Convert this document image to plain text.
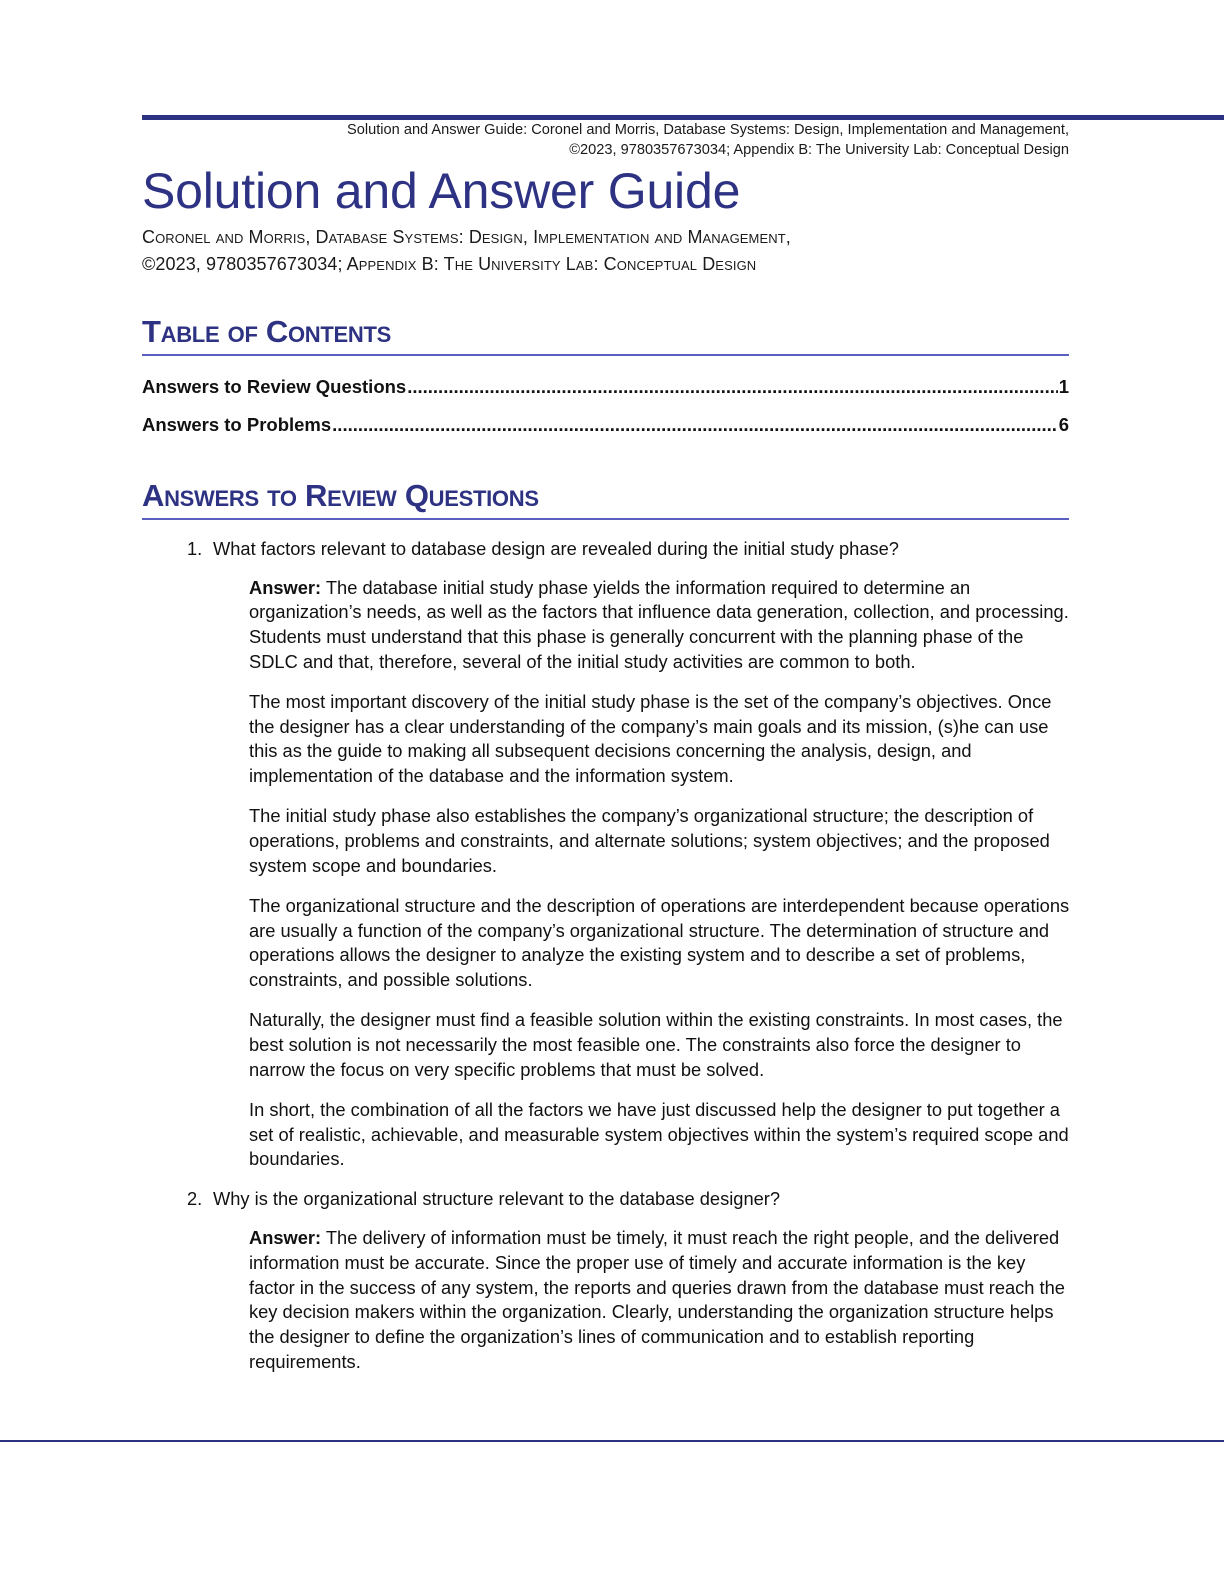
Solution and Answer Guide: Coronel and Morris, Database Systems: Design, Implementation and Management,
©2023, 9780357673034; Appendix B: The University Lab: Conceptual Design
Solution and Answer Guide
Coronel and Morris, Database Systems: Design, Implementation and Management,
©2023, 9780357673034; Appendix B: The University Lab: Conceptual Design
Table of Contents
Answers to Review Questions .....	1
Answers to Problems .....	6
Answers to Review Questions
1. What factors relevant to database design are revealed during the initial study phase?

Answer: The database initial study phase yields the information required to determine an organization’s needs, as well as the factors that influence data generation, collection, and processing. Students must understand that this phase is generally concurrent with the planning phase of the SDLC and that, therefore, several of the initial study activities are common to both.

The most important discovery of the initial study phase is the set of the company’s objectives. Once the designer has a clear understanding of the company’s main goals and its mission, (s)he can use this as the guide to making all subsequent decisions concerning the analysis, design, and implementation of the database and the information system.

The initial study phase also establishes the company’s organizational structure; the description of operations, problems and constraints, and alternate solutions; system objectives; and the proposed system scope and boundaries.

The organizational structure and the description of operations are interdependent because operations are usually a function of the company’s organizational structure. The determination of structure and operations allows the designer to analyze the existing system and to describe a set of problems, constraints, and possible solutions.

Naturally, the designer must find a feasible solution within the existing constraints. In most cases, the best solution is not necessarily the most feasible one. The constraints also force the designer to narrow the focus on very specific problems that must be solved.

In short, the combination of all the factors we have just discussed help the designer to put together a set of realistic, achievable, and measurable system objectives within the system’s required scope and boundaries.

2. Why is the organizational structure relevant to the database designer?

Answer: The delivery of information must be timely, it must reach the right people, and the delivered information must be accurate. Since the proper use of timely and accurate information is the key factor in the success of any system, the reports and queries drawn from the database must reach the key decision makers within the organization. Clearly, understanding the organization structure helps the designer to define the organization’s lines of communication and to establish reporting requirements.
